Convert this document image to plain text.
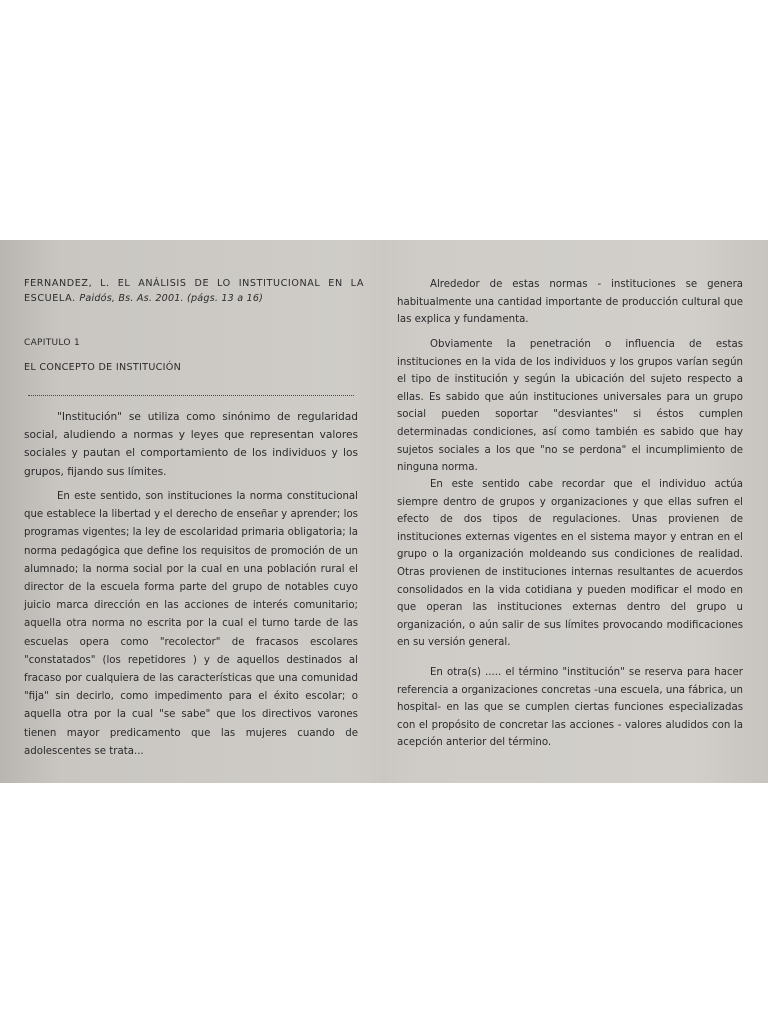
FERNANDEZ, L. EL ANÁLISIS DE LO INSTITUCIONAL EN LA ESCUELA. Paidós, Bs. As. 2001. (págs. 13 a 16)
CAPITULO 1
EL CONCEPTO DE INSTITUCIÓN

"Institución" se utiliza como sinónimo de regularidad social, aludiendo a normas y leyes que representan valores sociales y pautan el comportamiento de los individuos y los grupos, fijando sus límites.

En este sentido, son instituciones la norma constitucional que establece la libertad y el derecho de enseñar y aprender; los programas vigentes; la ley de escolaridad primaria obligatoria; la norma pedagógica que define los requisitos de promoción de un alumnado; la norma social por la cual en una población rural el director de la escuela forma parte del grupo de notables cuyo juicio marca dirección en las acciones de interés comunitario; aquella otra norma no escrita por la cual el turno tarde de las escuelas opera como "recolector" de fracasos escolares "constatados" (los repetidores ) y de aquellos destinados al fracaso por cualquiera de las características que una comunidad "fija" sin decirlo, como impedimento para el éxito escolar; o aquella otra por la cual "se sabe" que los directivos varones tienen mayor predicamento que las mujeres cuando de adolescentes se trata...

Alrededor de estas normas - instituciones se genera habitualmente una cantidad importante de producción cultural que las explica y fundamenta.

Obviamente la penetración o influencia de estas instituciones en la vida de los individuos y los grupos varían según el tipo de institución y según la ubicación del sujeto respecto a ellas. Es sabido que aún instituciones universales para un grupo social pueden soportar "desviantes" si éstos cumplen determinadas condiciones, así como también es sabido que hay sujetos sociales a los que "no se perdona" el incumplimiento de ninguna norma.

En este sentido cabe recordar que el individuo actúa siempre dentro de grupos y organizaciones y que ellas sufren el efecto de dos tipos de regulaciones. Unas provienen de instituciones externas vigentes en el sistema mayor y entran en el grupo o la organización moldeando sus condiciones de realidad. Otras provienen de instituciones internas resultantes de acuerdos consolidados en la vida cotidiana y pueden modificar el modo en que operan las instituciones externas dentro del grupo u organización, o aún salir de sus límites provocando modificaciones en su versión general.

En otra(s) ..... el término "institución" se reserva para hacer referencia a organizaciones concretas -una escuela, una fábrica, un hospital- en las que se cumplen ciertas funciones especializadas con el propósito de concretar las acciones - valores aludidos con la acepción anterior del término.
